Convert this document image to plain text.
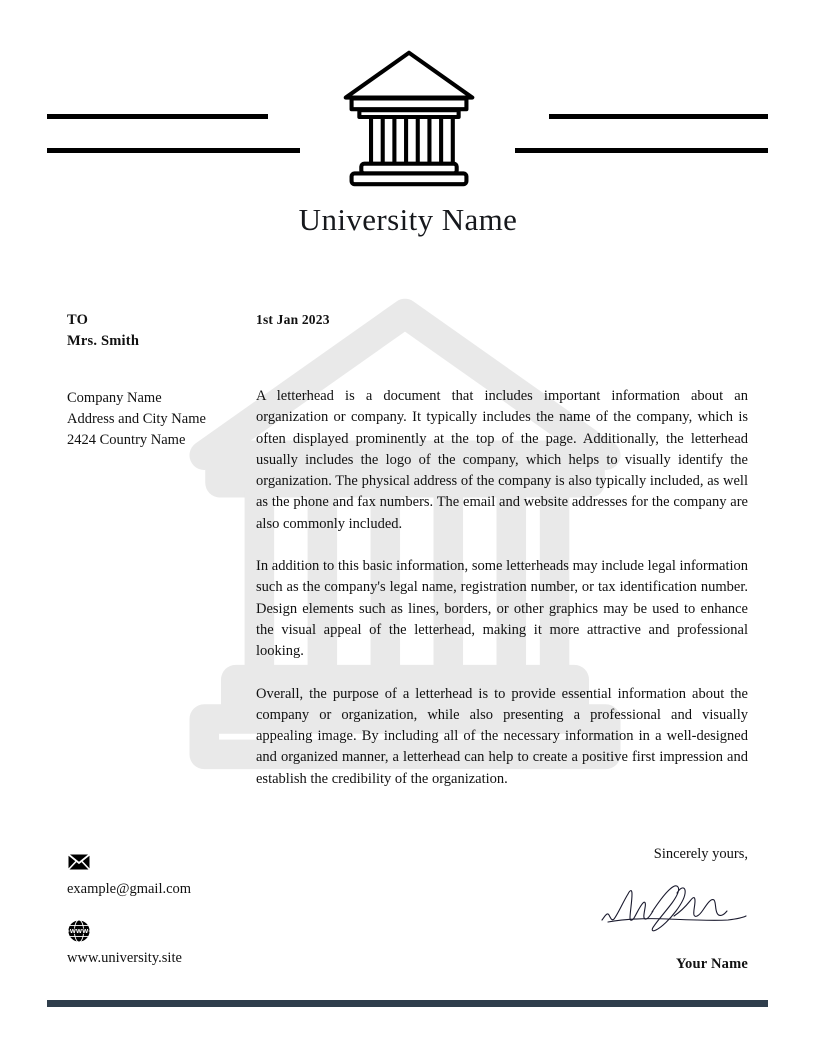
University Name
TO
Mrs. Smith
Company Name
Address and City Name
2424 Country Name
1st Jan 2023

A letterhead is a document that includes important information about an organization or company. It typically includes the name of the company, which is often displayed prominently at the top of the page. Additionally, the letterhead usually includes the logo of the company, which helps to visually identify the organization. The physical address of the company is also typically included, as well as the phone and fax numbers. The email and website addresses for the company are also commonly included.

In addition to this basic information, some letterheads may include legal information such as the company's legal name, registration number, or tax identification number. Design elements such as lines, borders, or other graphics may be used to enhance the visual appeal of the letterhead, making it more attractive and professional looking.

Overall, the purpose of a letterhead is to provide essential information about the company or organization, while also presenting a professional and visually appealing image. By including all of the necessary information in a well-designed and organized manner, a letterhead can help to create a positive first impression and establish the credibility of the organization.

example@gmail.com
WWW
www.university.site
Sincerely yours,
Your Name
